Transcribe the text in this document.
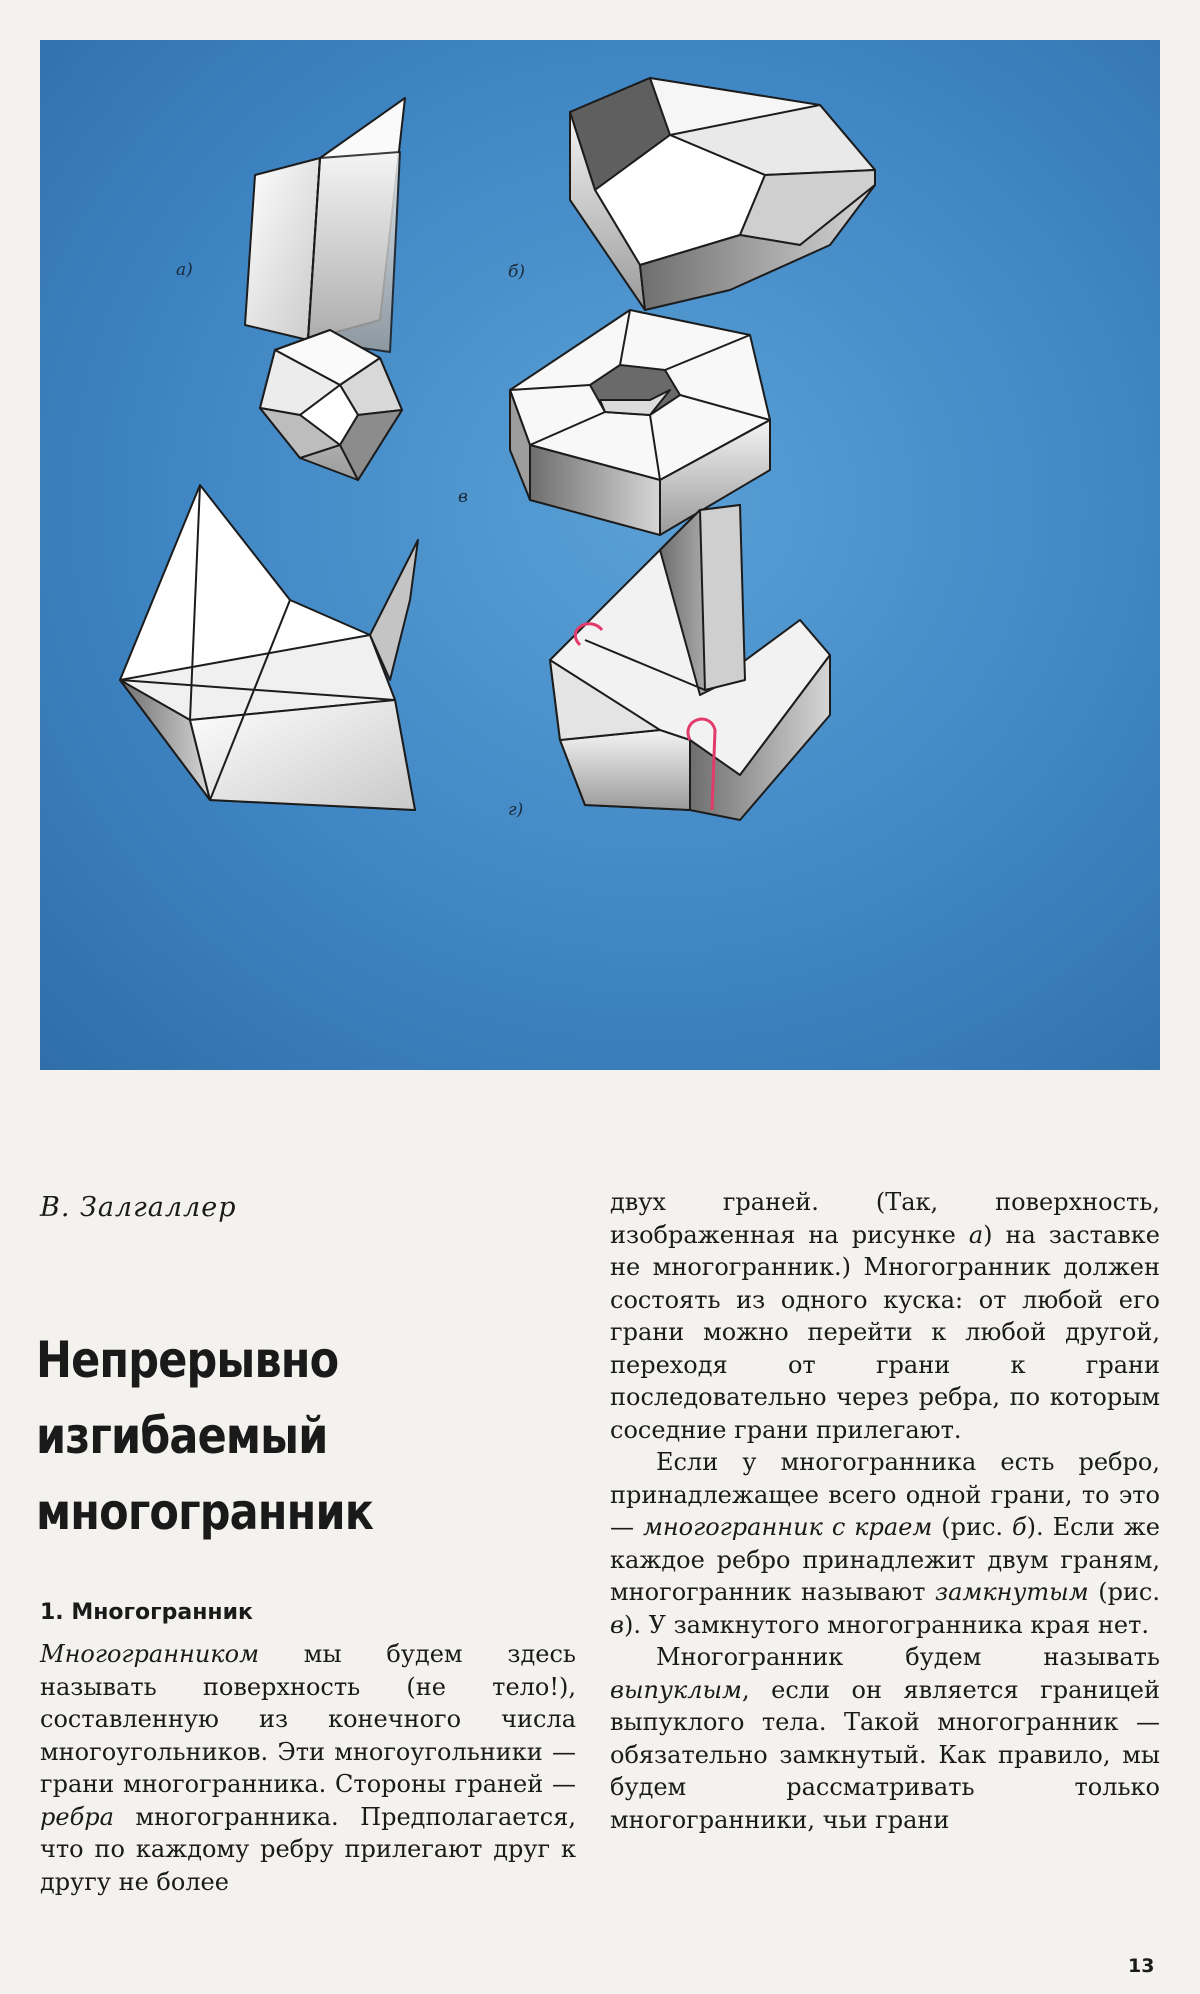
в
а)	б)
г)

В. Залгаллер

Непрерывно
изгибаемый
многогранник
1. Многогранник

Многогранником мы будем здесь называть поверхность (не тело!), составленную из конечного числа многоугольников. Эти многоугольники — грани многогранника. Стороны граней — ребра многогранника. Предполагается, что по каждому ребру прилегают друг к другу не более

двух граней. (Так, поверхность, изображенная на рисунке а) на заставке не многогранник.) Многогранник должен состоять из одного куска: от любой его грани можно перейти к любой другой, переходя от грани к грани последовательно через ребра, по которым соседние грани прилегают.

Если у многогранника есть ребро, принадлежащее всего одной грани, то это — многогранник с краем (рис. б). Если же каждое ребро принадлежит двум граням, многогранник называют замкнутым (рис. в). У замкнутого многогранника края нет.

Многогранник будем называть выпуклым, если он является границей выпуклого тела. Такой многогранник — обязательно замкнутый. Как правило, мы будем рассматривать только многогранники, чьи грани

13
